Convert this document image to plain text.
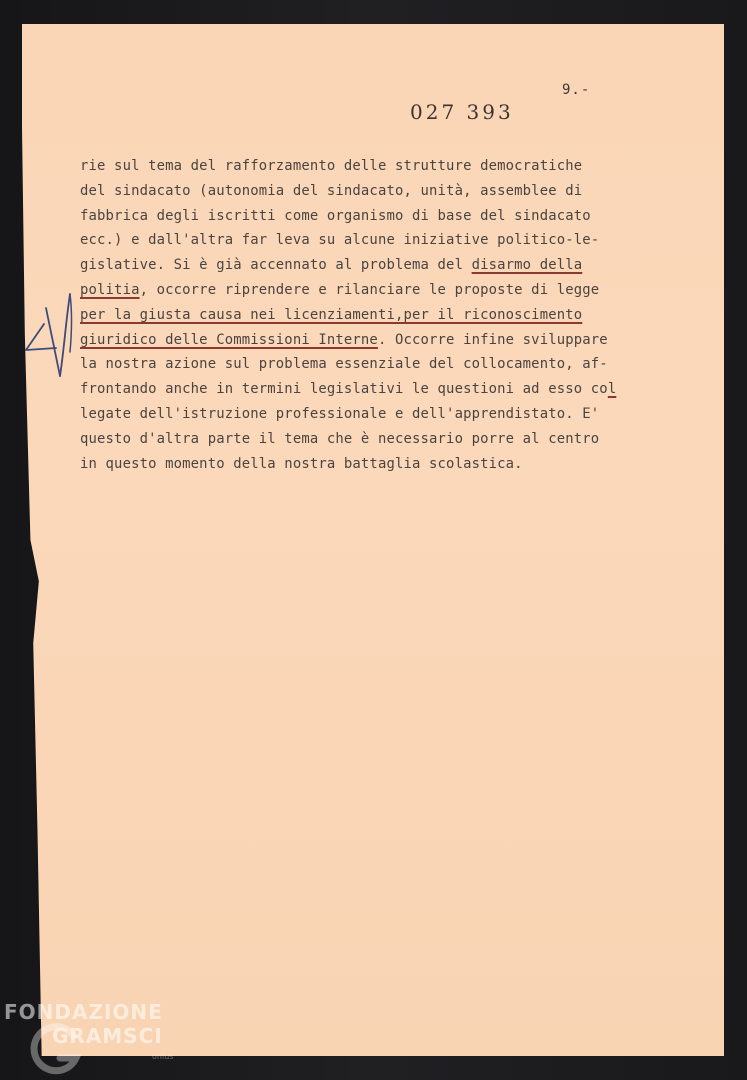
9.-
027 393
rie sul tema del rafforzamento delle strutture democratiche
del sindacato (autonomia del sindacato, unità, assemblee di
fabbrica degli iscritti come organismo di base del sindacato
ecc.) e dall'altra far leva su alcune iniziative politico-le-
gislative. Si è già accennato al problema del disarmo della
politia, occorre riprendere e rilanciare le proposte di legge
per la giusta causa nei licenziamenti,per il riconoscimento
giuridico delle Commissioni Interne. Occorre infine sviluppare
la nostra azione sul problema essenziale del collocamento, af-
frontando anche in termini legislativi le questioni ad esso col
legate dell'istruzione professionale e dell'apprendistato. E'
questo d'altra parte il tema che è necessario porre al centro
in questo momento della nostra battaglia scolastica.
FONDAZIONE
GRAMSCI
onlus
